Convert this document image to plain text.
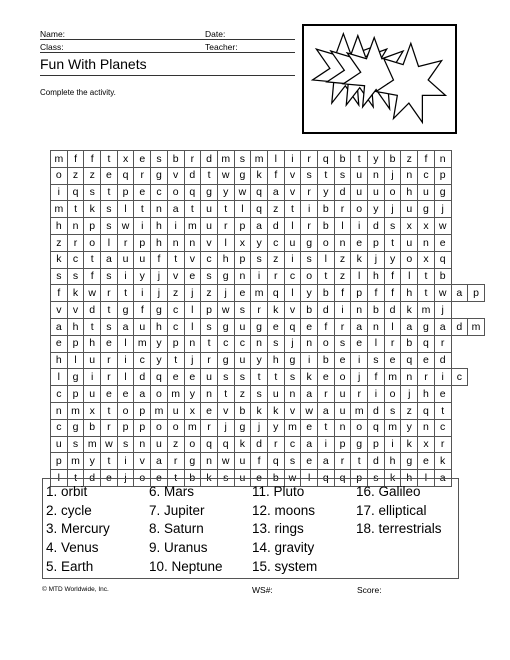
Name:	Date:
Class:	Teacher:
Fun With Planets
Complete the activity.
m	f	f	t	x	e	s	b	r	d	m	s	m	l	i	r	q	b	t	y	b	z	f	n		
o	z	z	e	q	r	g	v	d	t	w	g	k	f	v	s	t	s	u	n	j	n	c	p		
i	q	s	t	p	e	c	o	q	g	y	w	q	a	v	r	y	d	u	u	o	h	u	g		
m	t	k	s	l	t	n	a	t	u	t	l	q	z	t	i	b	r	o	y	j	u	g	j		
h	n	p	s	w	i	h	i	m	u	r	p	a	d	l	r	b	l	i	d	s	x	x	w		
z	r	o	l	r	p	h	n	n	v	l	x	y	c	u	g	o	n	e	p	t	u	n	e		
k	c	t	a	u	u	f	t	v	c	h	p	s	z	i	s	l	z	k	j	y	o	x	q		
s	s	f	s	i	y	j	v	e	s	g	n	i	r	c	o	t	z	l	h	f	l	t	b		
f	k	w	r	t	i	j	z	j	z	j	e	m	q	l	y	b	f	p	f	f	h	t	w	a	p
v	v	d	t	g	f	g	c	l	p	w	s	r	k	v	b	d	i	n	b	d	k	m	j		
a	h	t	s	a	u	h	c	l	s	g	u	g	e	q	e	f	r	a	n	l	a	g	a	d	m
e	p	h	e	l	m	y	p	n	t	c	c	n	s	j	n	o	s	e	l	r	b	q	r		
h	l	u	r	i	c	y	t	j	r	g	u	y	h	g	i	b	e	i	s	e	q	e	d		
l	g	i	r	l	d	q	e	e	u	s	s	t	t	s	k	e	o	j	f	m	n	r	i	c	
c	p	u	e	e	a	o	m	y	n	t	z	s	u	n	a	r	u	r	i	o	j	h	e		
n	m	x	t	o	p	m	u	x	e	v	b	k	k	v	w	a	u	m	d	s	z	q	t		
c	g	b	r	p	p	o	o	m	r	j	g	j	y	m	e	t	n	o	q	m	y	n	c		
u	s	m	w	s	n	u	z	o	q	q	k	d	r	c	a	i	p	g	p	i	k	x	r		
p	m	y	t	i	v	a	r	g	n	w	u	f	q	s	e	a	r	t	d	h	g	e	k		
l	t	d	e	j	o	e	t	b	k	s	u	e	b	w	l	q	q	p	s	k	h	l	a		
1. orbit
2. cycle
3. Mercury
4. Venus
5. Earth
6. Mars
7. Jupiter
8. Saturn
9. Uranus
10. Neptune
11. Pluto
12. moons
13. rings
14. gravity
15. system
16. Galileo
17. elliptical
18. terrestrials
© MTD Worldwide, Inc.	WS#:	Score:
